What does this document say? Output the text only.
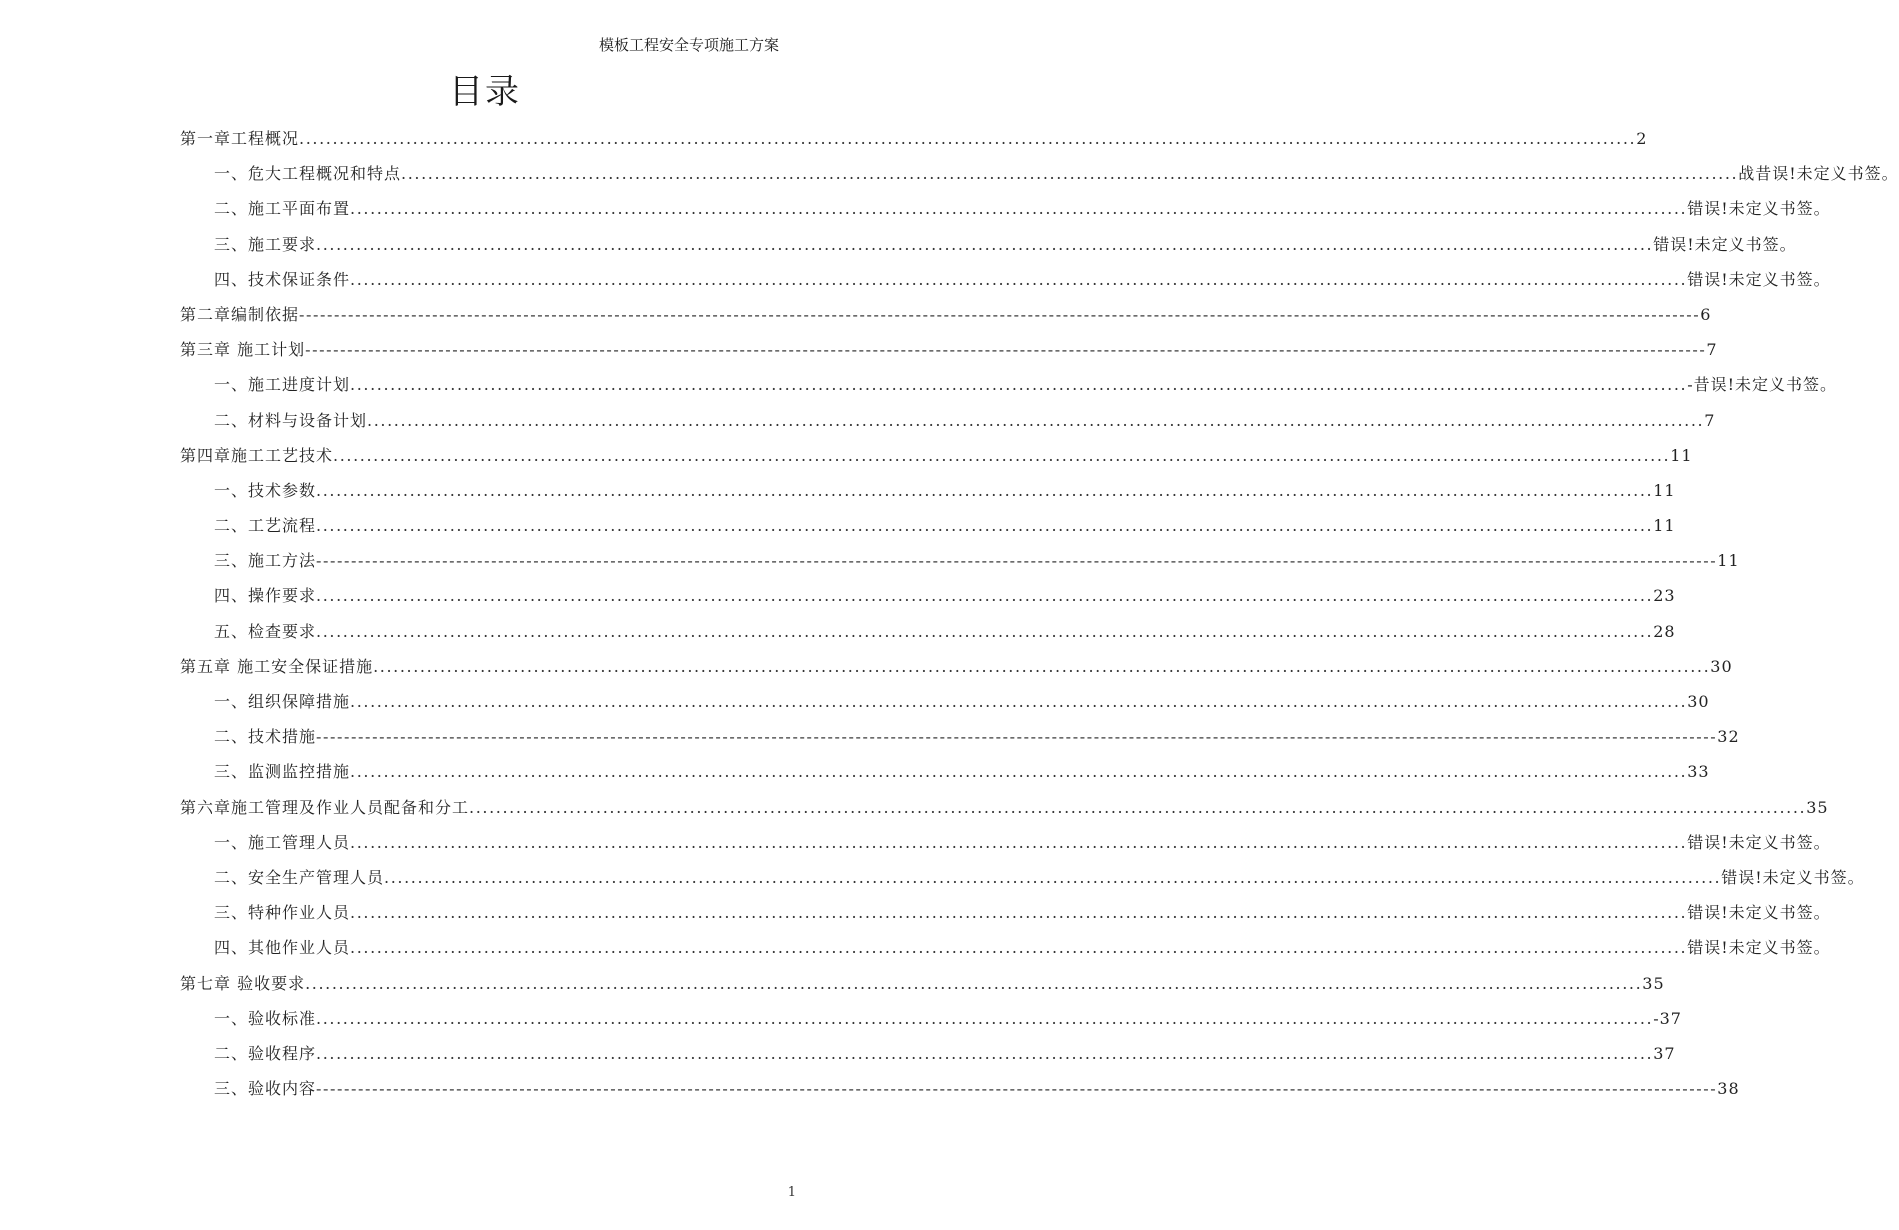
模板工程安全专项施工方案
目录
第一章工程概况 ........................................................................................................................................................................................................ 2
一、危大工程概况和特点 ........................................................................................................................................................................................................ 战昔误!未定义书签。
二、施工平面布置 ........................................................................................................................................................................................................ 错误!未定义书签。
三、施工要求 ........................................................................................................................................................................................................ 错误!未定义书签。
四、技术保证条件 ........................................................................................................................................................................................................ 错误!未定义书签。
第二章编制依据 -------------------------------------------------------------------------------------------------------------------------------------------------------------------------------------------------------- 6
第三章 施工计划 -------------------------------------------------------------------------------------------------------------------------------------------------------------------------------------------------------- 7
一、施工进度计划 ........................................................................................................................................................................................................ -昔误!未定义书签。
二、材料与设备计划 ........................................................................................................................................................................................................ 7
第四章施工工艺技术 ........................................................................................................................................................................................................ 11
一、技术参数 ........................................................................................................................................................................................................ 11
二、工艺流程 ........................................................................................................................................................................................................ 11
三、施工方法 -------------------------------------------------------------------------------------------------------------------------------------------------------------------------------------------------------- 11
四、操作要求 ........................................................................................................................................................................................................ 23
五、检查要求 ........................................................................................................................................................................................................ 28
第五章 施工安全保证措施 ........................................................................................................................................................................................................ 30
一、组织保障措施 ........................................................................................................................................................................................................ 30
二、技术措施 -------------------------------------------------------------------------------------------------------------------------------------------------------------------------------------------------------- 32
三、监测监控措施 ........................................................................................................................................................................................................ 33
第六章施工管理及作业人员配备和分工 ........................................................................................................................................................................................................ 35
一、施工管理人员 ........................................................................................................................................................................................................ 错误!未定义书签。
二、安全生产管理人员 ........................................................................................................................................................................................................ 错误!未定义书签。
三、特种作业人员 ........................................................................................................................................................................................................ 错误!未定义书签。
四、其他作业人员 ........................................................................................................................................................................................................ 错误!未定义书签。
第七章 验收要求 ........................................................................................................................................................................................................ 35
一、验收标准 ........................................................................................................................................................................................................ -37
二、验收程序 ........................................................................................................................................................................................................ 37
三、验收内容 -------------------------------------------------------------------------------------------------------------------------------------------------------------------------------------------------------- 38
1
